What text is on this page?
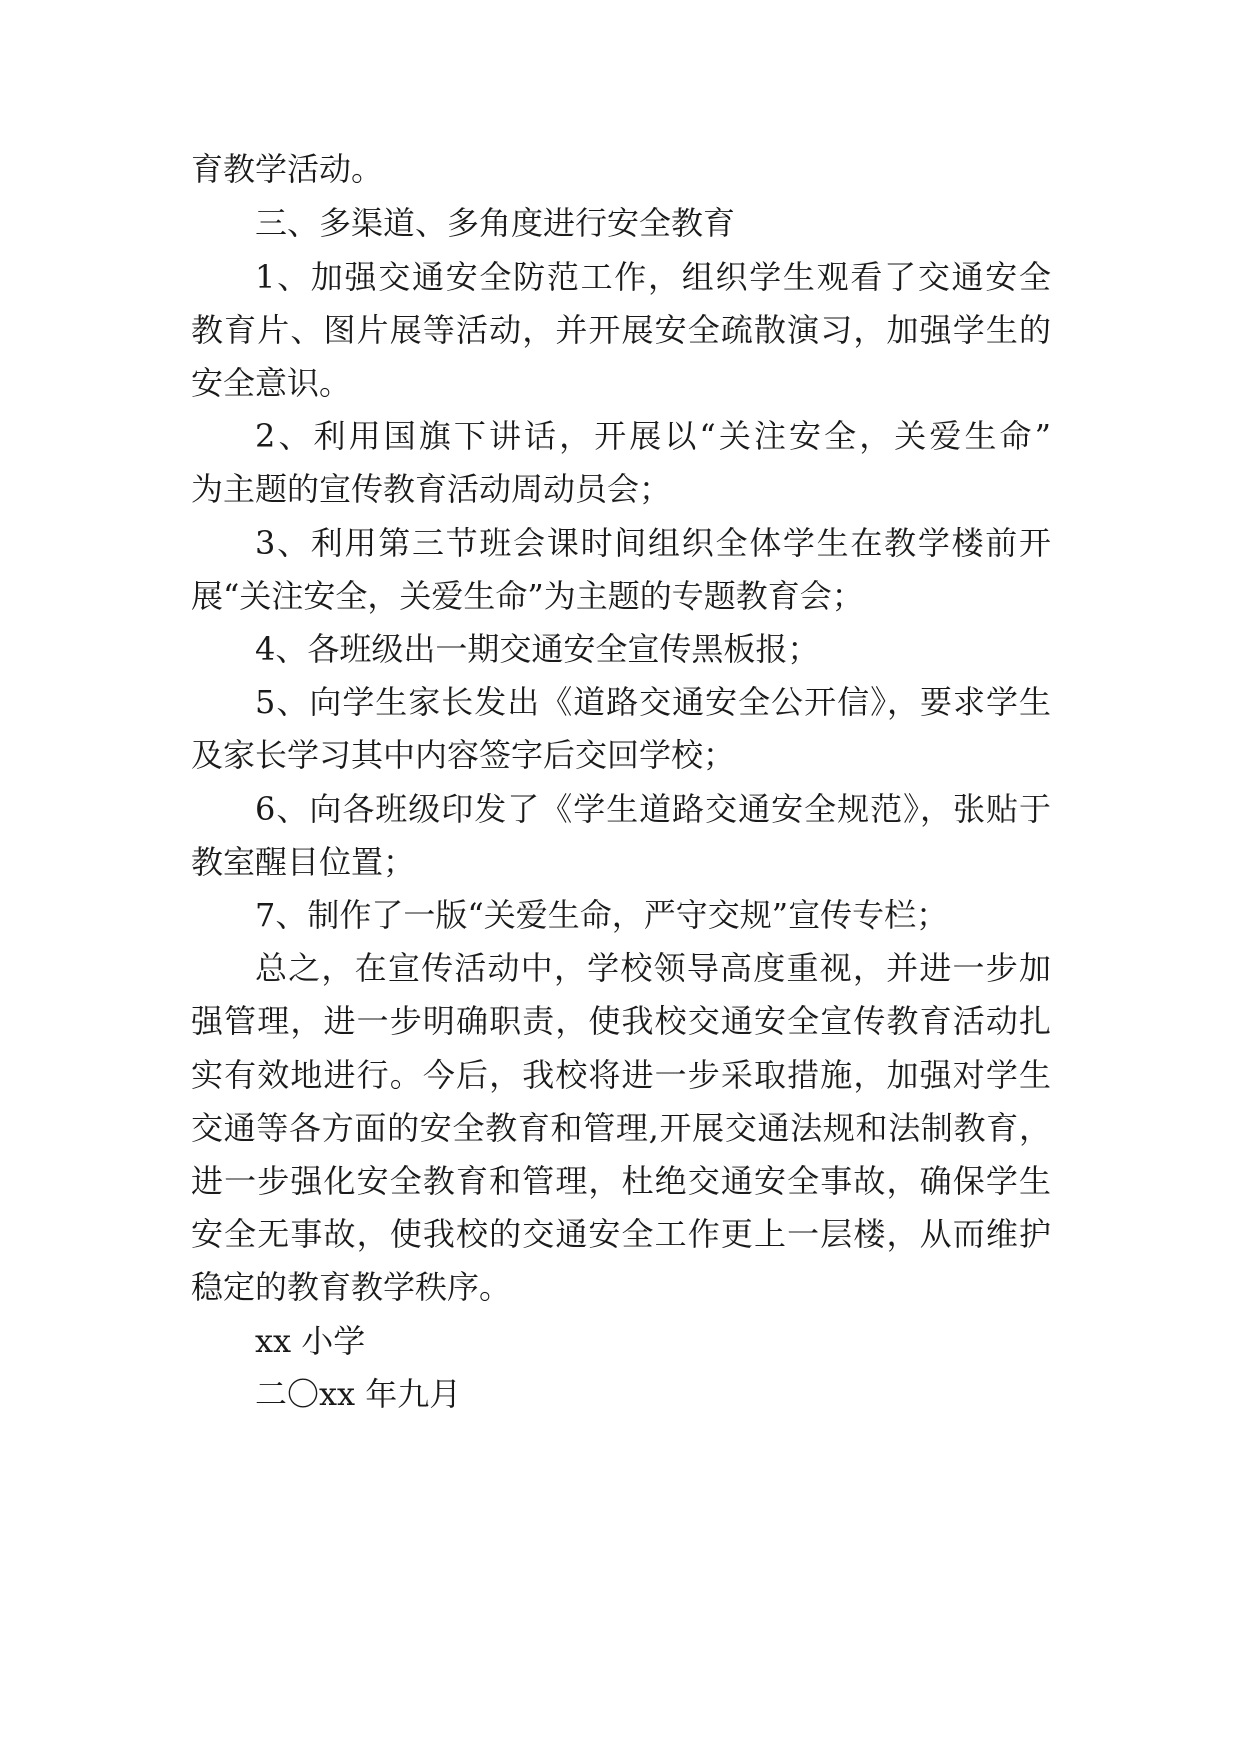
育教学活动。

三、多渠道、多角度进行安全教育

1、加强交通安全防范工作，组织学生观看了交通安全

教育片、图片展等活动，并开展安全疏散演习，加强学生的

安全意识。

2、利用国旗下讲话，开展以“关注安全，关爱生命”

为主题的宣传教育活动周动员会；

3、利用第三节班会课时间组织全体学生在教学楼前开

展“关注安全，关爱生命”为主题的专题教育会；

4、各班级出一期交通安全宣传黑板报；

5、向学生家长发出《道路交通安全公开信》，要求学生

及家长学习其中内容签字后交回学校；

6、向各班级印发了《学生道路交通安全规范》，张贴于

教室醒目位置；

7、制作了一版“关爱生命，严守交规”宣传专栏；

总之，在宣传活动中，学校领导高度重视，并进一步加

强管理，进一步明确职责，使我校交通安全宣传教育活动扎

实有效地进行。今后，我校将进一步采取措施，加强对学生

交通等各方面的安全教育和管理,开展交通法规和法制教育，

进一步强化安全教育和管理，杜绝交通安全事故，确保学生

安全无事故，使我校的交通安全工作更上一层楼，从而维护

稳定的教育教学秩序。

xx 小学

二〇xx 年九月
